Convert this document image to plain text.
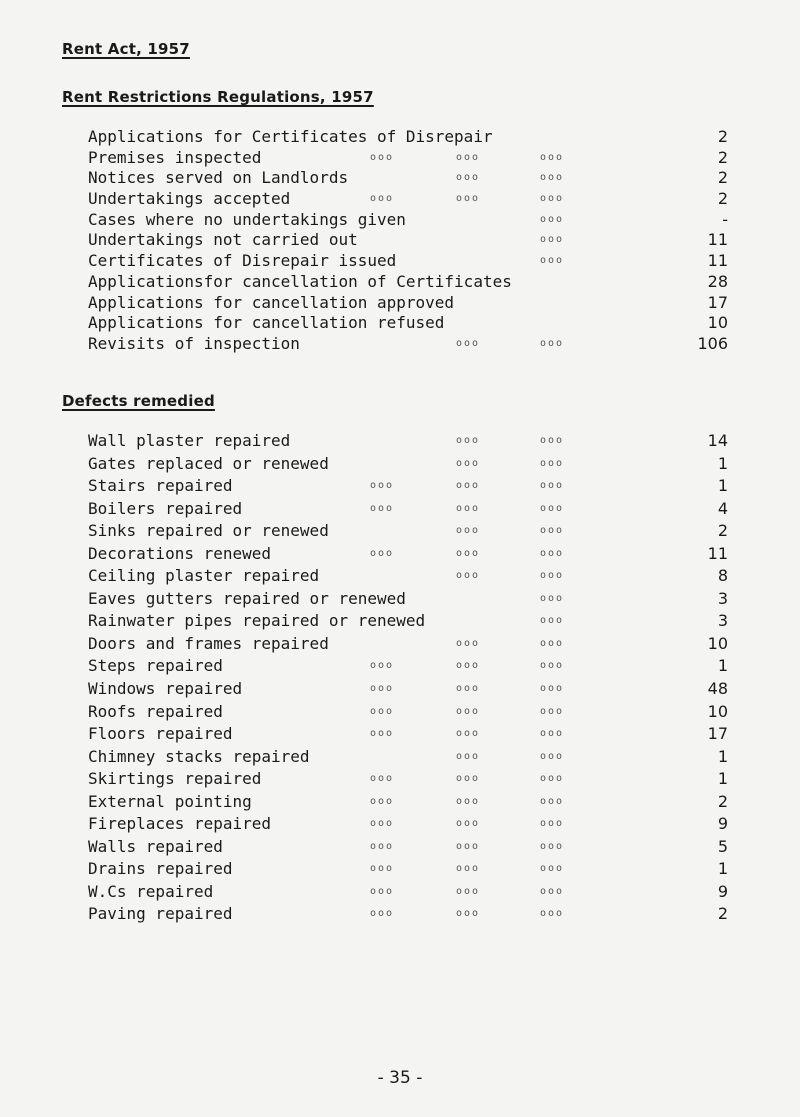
Rent Act, 1957
Rent Restrictions Regulations, 1957
Applications for Certificates of Disrepair	2
Premises inspected	ooo	ooo	ooo	2
Notices served on Landlords	ooo	ooo	2
Undertakings accepted	ooo	ooo	ooo	2
Cases where no undertakings given	ooo	-
Undertakings not carried out	ooo	11
Certificates of Disrepair issued	ooo	11
Applicationsfor cancellation of Certificates	28
Applications for cancellation approved	17
Applications for cancellation refused	10
Revisits of inspection	ooo	ooo	106
Defects remedied
Wall plaster repaired	ooo	ooo	14
Gates replaced or renewed	ooo	ooo	1
Stairs repaired	ooo	ooo	ooo	1
Boilers repaired	ooo	ooo	ooo	4
Sinks repaired or renewed	ooo	ooo	2
Decorations renewed	ooo	ooo	ooo	11
Ceiling plaster repaired	ooo	ooo	8
Eaves gutters repaired or renewed	ooo	3
Rainwater pipes repaired or renewed	ooo	3
Doors and frames repaired	ooo	ooo	10
Steps repaired	ooo	ooo	ooo	1
Windows repaired	ooo	ooo	ooo	48
Roofs repaired	ooo	ooo	ooo	10
Floors repaired	ooo	ooo	ooo	17
Chimney stacks repaired	ooo	ooo	1
Skirtings repaired	ooo	ooo	ooo	1
External pointing	ooo	ooo	ooo	2
Fireplaces repaired	ooo	ooo	ooo	9
Walls repaired	ooo	ooo	ooo	5
Drains repaired	ooo	ooo	ooo	1
W.Cs repaired	ooo	ooo	ooo	9
Paving repaired	ooo	ooo	ooo	2
- 35 -
